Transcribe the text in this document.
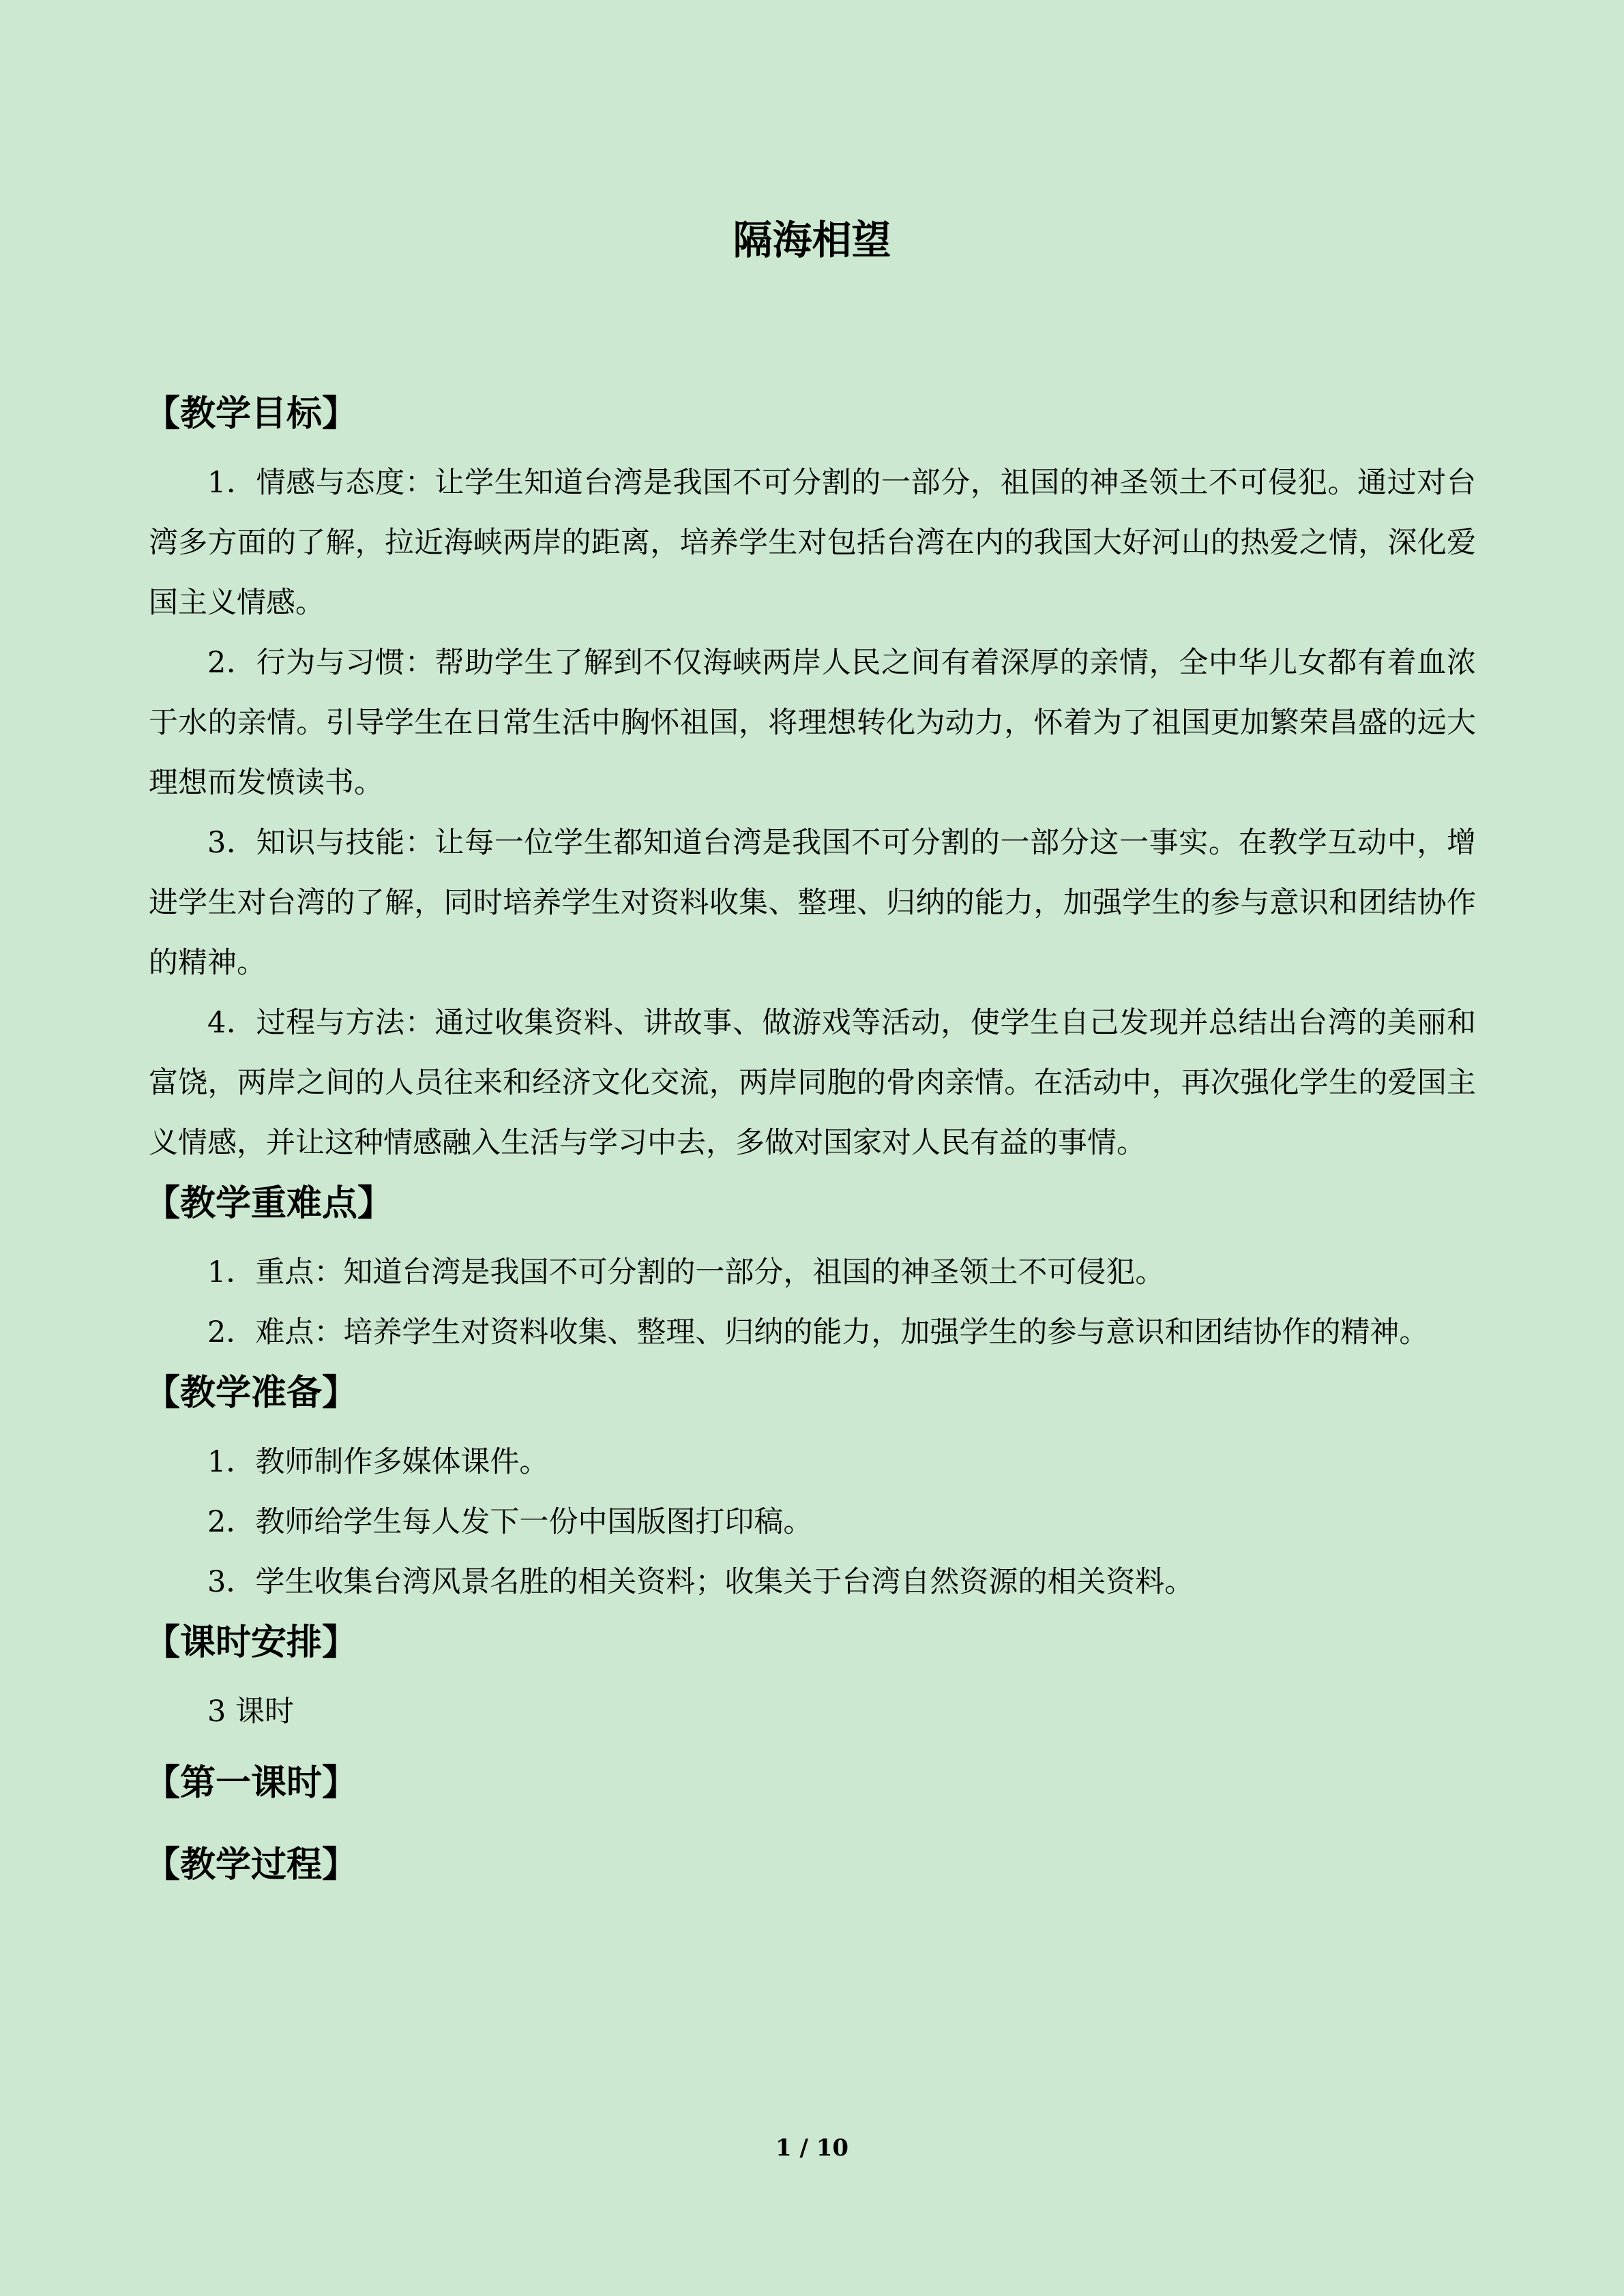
隔海相望
【教学目标】

1．情感与态度：让学生知道台湾是我国不可分割的一部分，祖国的神圣领土不可侵犯。通过对台湾多方面的了解，拉近海峡两岸的距离，培养学生对包括台湾在内的我国大好河山的热爱之情，深化爱国主义情感。

2．行为与习惯：帮助学生了解到不仅海峡两岸人民之间有着深厚的亲情，全中华儿女都有着血浓于水的亲情。引导学生在日常生活中胸怀祖国，将理想转化为动力，怀着为了祖国更加繁荣昌盛的远大理想而发愤读书。

3．知识与技能：让每一位学生都知道台湾是我国不可分割的一部分这一事实。在教学互动中，增进学生对台湾的了解，同时培养学生对资料收集、整理、归纳的能力，加强学生的参与意识和团结协作的精神。

4．过程与方法：通过收集资料、讲故事、做游戏等活动，使学生自己发现并总结出台湾的美丽和富饶，两岸之间的人员往来和经济文化交流，两岸同胞的骨肉亲情。在活动中，再次强化学生的爱国主义情感，并让这种情感融入生活与学习中去，多做对国家对人民有益的事情。

【教学重难点】

1．重点：知道台湾是我国不可分割的一部分，祖国的神圣领土不可侵犯。

2．难点：培养学生对资料收集、整理、归纳的能力，加强学生的参与意识和团结协作的精神。

【教学准备】

1．教师制作多媒体课件。

2．教师给学生每人发下一份中国版图打印稿。

3．学生收集台湾风景名胜的相关资料；收集关于台湾自然资源的相关资料。

【课时安排】

3 课时

【第一课时】
【教学过程】
1 / 10
